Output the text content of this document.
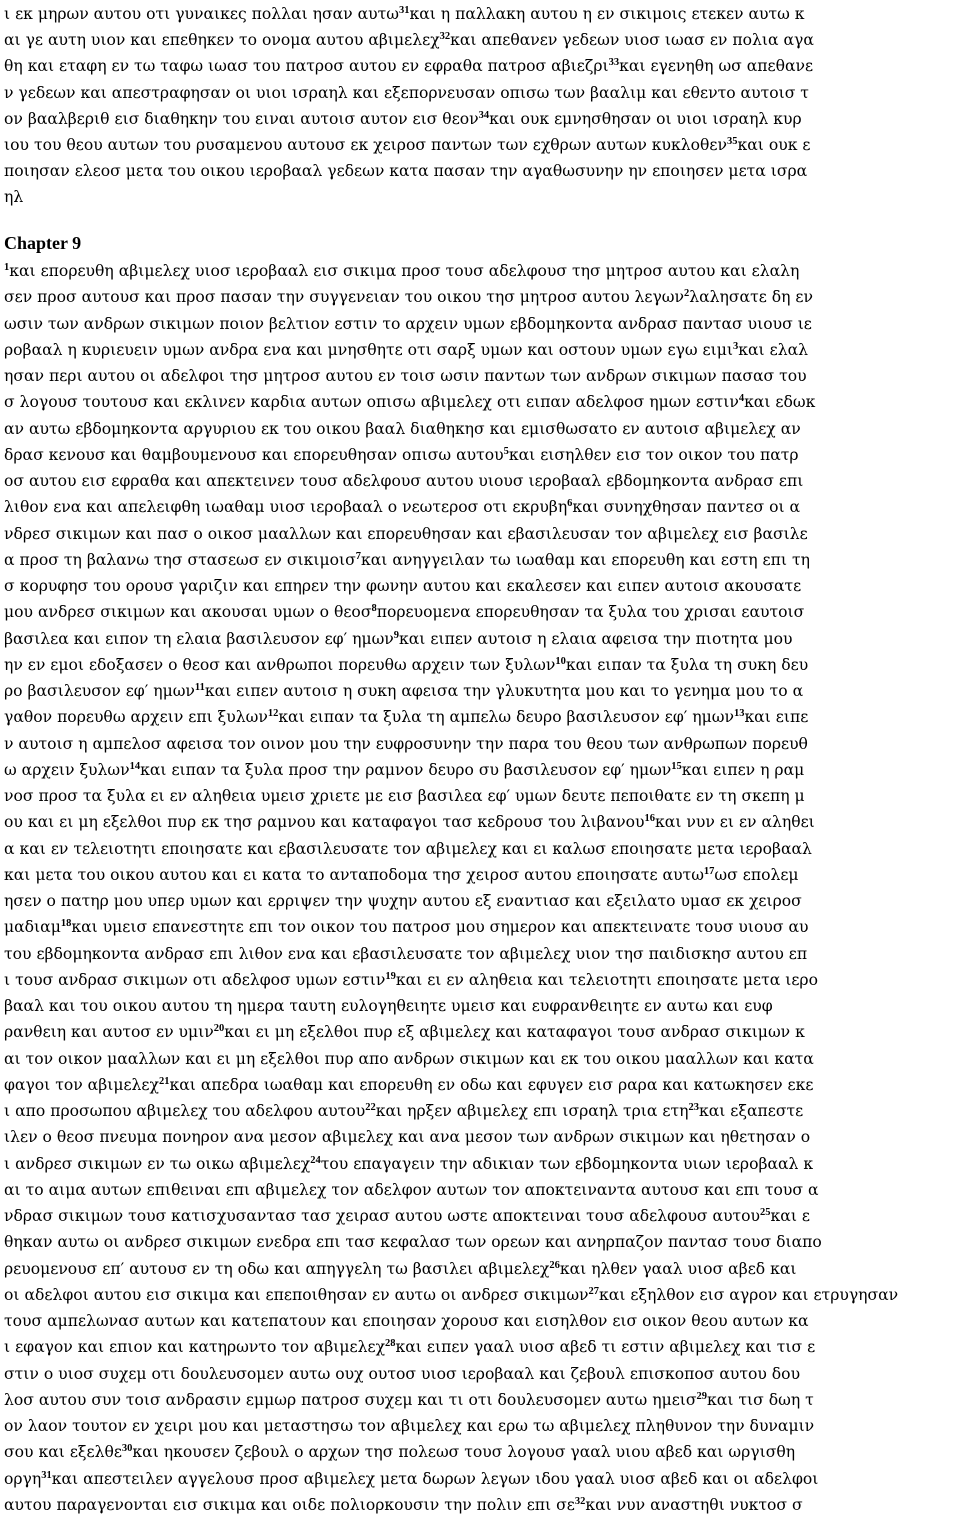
ι εκ μηρων αυτου οτι γυναικες πολλαι ησαν αυτω$^{31}$και η παλλακη αυτου η εν σικιμοις ετεκεν αυτω κ
αι γε αυτη υιον και επεθηκεν το ονομα αυτου αβιμελεχ$^{32}$και απεθανεν γεδεων υιοσ ιωασ εν πολια αγα
θη και εταφη εν τω ταφω ιωασ του πατροσ αυτου εν εφραθα πατροσ αβιεζρι$^{33}$και εγενηθη ωσ απεθανε
ν γεδεων και απεστραφησαν οι υιοι ισραηλ και εξεπορνευσαν οπισω των βααλιμ και εθεντο αυτοισ τ
ον βααλβεριθ εισ διαθηκην του ειναι αυτοισ αυτον εισ θεον$^{34}$και ουκ εμνησθησαν οι υιοι ισραηλ κυρ
ιου του θεου αυτων του ρυσαμενου αυτουσ εκ χειροσ παντων των εχθρων αυτων κυκλοθεν$^{35}$και ουκ ε
ποιησαν ελεοσ μετα του οικου ιεροβααλ γεδεων κατα πασαν την αγαθωσυνην ην εποιησεν μετα ισρα
ηλ
Chapter 9
$^1$και επορευθη αβιμελεχ υιοσ ιεροβααλ εισ σικιμα προσ τουσ αδελφουσ τησ μητροσ αυτου και ελαλη
σεν προσ αυτουσ και προσ πασαν την συγγενειαν του οικου τησ μητροσ αυτου λεγων$^2$λαλησατε δη εν
ωσιν των ανδρων σικιμων ποιον βελτιον εστιν το αρχειν υμων εβδομηκοντα ανδρασ παντασ υιουσ ιε
ροβααλ η κυριευειν υμων ανδρα ενα και μνησθητε οτι σαρξ υμων και οστουν υμων εγω ειμι$^3$και ελαλ
ησαν περι αυτου οι αδελφοι τησ μητροσ αυτου εν τοισ ωσιν παντων των ανδρων σικιμων πασασ του
σ λογουσ τουτουσ και εκλινεν καρδια αυτων οπισω αβιμελεχ οτι ειπαν αδελφοσ ημων εστιν$^4$και εδωκ
αν αυτω εβδομηκοντα αργυριου εκ του οικου βααλ διαθηκησ και εμισθωσατο εν αυτοισ αβιμελεχ αν
δρασ κενουσ και θαμβουμενουσ και επορευθησαν οπισω αυτου$^5$και εισηλθεν εισ τον οικον του πατρ
οσ αυτου εισ εφραθα και απεκτεινεν τουσ αδελφουσ αυτου υιουσ ιεροβααλ εβδομηκοντα ανδρασ επι
λιθον ενα και απελειφθη ιωαθαμ υιοσ ιεροβααλ ο νεωτεροσ οτι εκρυβη$^6$και συνηχθησαν παντεσ οι α
νδρεσ σικιμων και πασ ο οικοσ μααλλων και επορευθησαν και εβασιλευσαν τον αβιμελεχ εισ βασιλε
α προσ τη βαλανω τησ στασεωσ εν σικιμοισ$^7$και ανηγγειλαν τω ιωαθαμ και επορευθη και εστη επι τη
σ κορυφησ του ορουσ γαριζιν και επηρεν την φωνην αυτου και εκαλεσεν και ειπεν αυτοισ ακουσατε
μου ανδρεσ σικιμων και ακουσαι υμων ο θεοσ$^8$πορευομενα επορευθησαν τα ξυλα του χρισαι εαυτοισ
βασιλεα και ειπον τη ελαια βασιλευσον εφ′ ημων$^9$και ειπεν αυτοισ η ελαια αφεισα την πιοτητα μου
ην εν εμοι εδοξασεν ο θεοσ και ανθρωποι πορευθω αρχειν των ξυλων$^{10}$και ειπαν τα ξυλα τη συκη δευ
ρο βασιλευσον εφ′ ημων$^{11}$και ειπεν αυτοισ η συκη αφεισα την γλυκυτητα μου και το γενημα μου το α
γαθον πορευθω αρχειν επι ξυλων$^{12}$και ειπαν τα ξυλα τη αμπελω δευρο βασιλευσον εφ′ ημων$^{13}$και ειπε
ν αυτοισ η αμπελοσ αφεισα τον οινον μου την ευφροσυνην την παρα του θεου των ανθρωπων πορευθ
ω αρχειν ξυλων$^{14}$και ειπαν τα ξυλα προσ την ραμνον δευρο συ βασιλευσον εφ′ ημων$^{15}$και ειπεν η ραμ
νοσ προσ τα ξυλα ει εν αληθεια υμεισ χριετε με εισ βασιλεα εφ′ υμων δευτε πεποιθατε εν τη σκεπη μ
ου και ει μη εξελθοι πυρ εκ τησ ραμνου και καταφαγοι τασ κεδρουσ του λιβανου$^{16}$και νυν ει εν αληθει
α και εν τελειοτητι εποιησατε και εβασιλευσατε τον αβιμελεχ και ει καλωσ εποιησατε μετα ιεροβααλ
και μετα του οικου αυτου και ει κατα το ανταποδομα τησ χειροσ αυτου εποιησατε αυτω$^{17}$ωσ επολεμ
ησεν ο πατηρ μου υπερ υμων και ερριψεν την ψυχην αυτου εξ εναντιασ και εξειλατο υμασ εκ χειροσ
μαδιαμ$^{18}$και υμεισ επανεστητε επι τον οικον του πατροσ μου σημερον και απεκτεινατε τουσ υιουσ αυ
του εβδομηκοντα ανδρασ επι λιθον ενα και εβασιλευσατε τον αβιμελεχ υιον τησ παιδισκησ αυτου επ
ι τουσ ανδρασ σικιμων οτι αδελφοσ υμων εστιν$^{19}$και ει εν αληθεια και τελειοτητι εποιησατε μετα ιερο
βααλ και του οικου αυτου τη ημερα ταυτη ευλογηθειητε υμεισ και ευφρανθειητε εν αυτω και ευφ
ρανθειη και αυτοσ εν υμιν$^{20}$και ει μη εξελθοι πυρ εξ αβιμελεχ και καταφαγοι τουσ ανδρασ σικιμων κ
αι τον οικον μααλλων και ει μη εξελθοι πυρ απο ανδρων σικιμων και εκ του οικου μααλλων και κατα
φαγοι τον αβιμελεχ$^{21}$και απεδρα ιωαθαμ και επορευθη εν οδω και εφυγεν εισ ραρα και κατωκησεν εκε
ι απο προσωπου αβιμελεχ του αδελφου αυτου$^{22}$και ηρξεν αβιμελεχ επι ισραηλ τρια ετη$^{23}$και εξαπεστε
ιλεν ο θεοσ πνευμα πονηρον ανα μεσον αβιμελεχ και ανα μεσον των ανδρων σικιμων και ηθετησαν ο
ι ανδρεσ σικιμων εν τω οικω αβιμελεχ$^{24}$του επαγαγειν την αδικιαν των εβδομηκοντα υιων ιεροβααλ κ
αι το αιμα αυτων επιθειναι επι αβιμελεχ τον αδελφον αυτων τον αποκτειναντα αυτουσ και επι τουσ α
νδρασ σικιμων τουσ κατισχυσαντασ τασ χειρασ αυτου ωστε αποκτειναι τουσ αδελφουσ αυτου$^{25}$και ε
θηκαν αυτω οι ανδρεσ σικιμων ενεδρα επι τασ κεφαλασ των ορεων και ανηρπαζον παντασ τουσ διαπο
ρευομενουσ επ′ αυτουσ εν τη οδω και απηγγελη τω βασιλει αβιμελεχ$^{26}$και ηλθεν γααλ υιοσ αβεδ και
οι αδελφοι αυτου εισ σικιμα και επεποιθησαν εν αυτω οι ανδρεσ σικιμων$^{27}$και εξηλθον εισ αγρον και ετρυγησαν
τουσ αμπελωνασ αυτων και κατεπατουν και εποιησαν χορουσ και εισηλθον εισ οικον θεου αυτων κα
ι εφαγον και επιον και κατηρωντο τον αβιμελεχ$^{28}$και ειπεν γααλ υιοσ αβεδ τι εστιν αβιμελεχ και τισ ε
στιν ο υιοσ συχεμ οτι δουλευσομεν αυτω ουχ ουτοσ υιοσ ιεροβααλ και ζεβουλ επισκοποσ αυτου δου
λοσ αυτου συν τοισ ανδρασιν εμμωρ πατροσ συχεμ και τι οτι δουλευσομεν αυτω ημεισ$^{29}$και τισ δωη τ
ον λαον τουτον εν χειρι μου και μεταστησω τον αβιμελεχ και ερω τω αβιμελεχ πληθυνον την δυναμιν
σου και εξελθε$^{30}$και ηκουσεν ζεβουλ ο αρχων τησ πολεωσ τουσ λογουσ γααλ υιου αβεδ και ωργισθη
οργη$^{31}$και απεστειλεν αγγελουσ προσ αβιμελεχ μετα δωρων λεγων ιδου γααλ υιοσ αβεδ και οι αδελφοι
αυτου παραγενονται εισ σικιμα και οιδε πολιορκουσιν την πολιν επι $\sigma\varepsilon^{32}\kappa\alpha\iota$ νυν αναστηθι νυκτοσ σ
